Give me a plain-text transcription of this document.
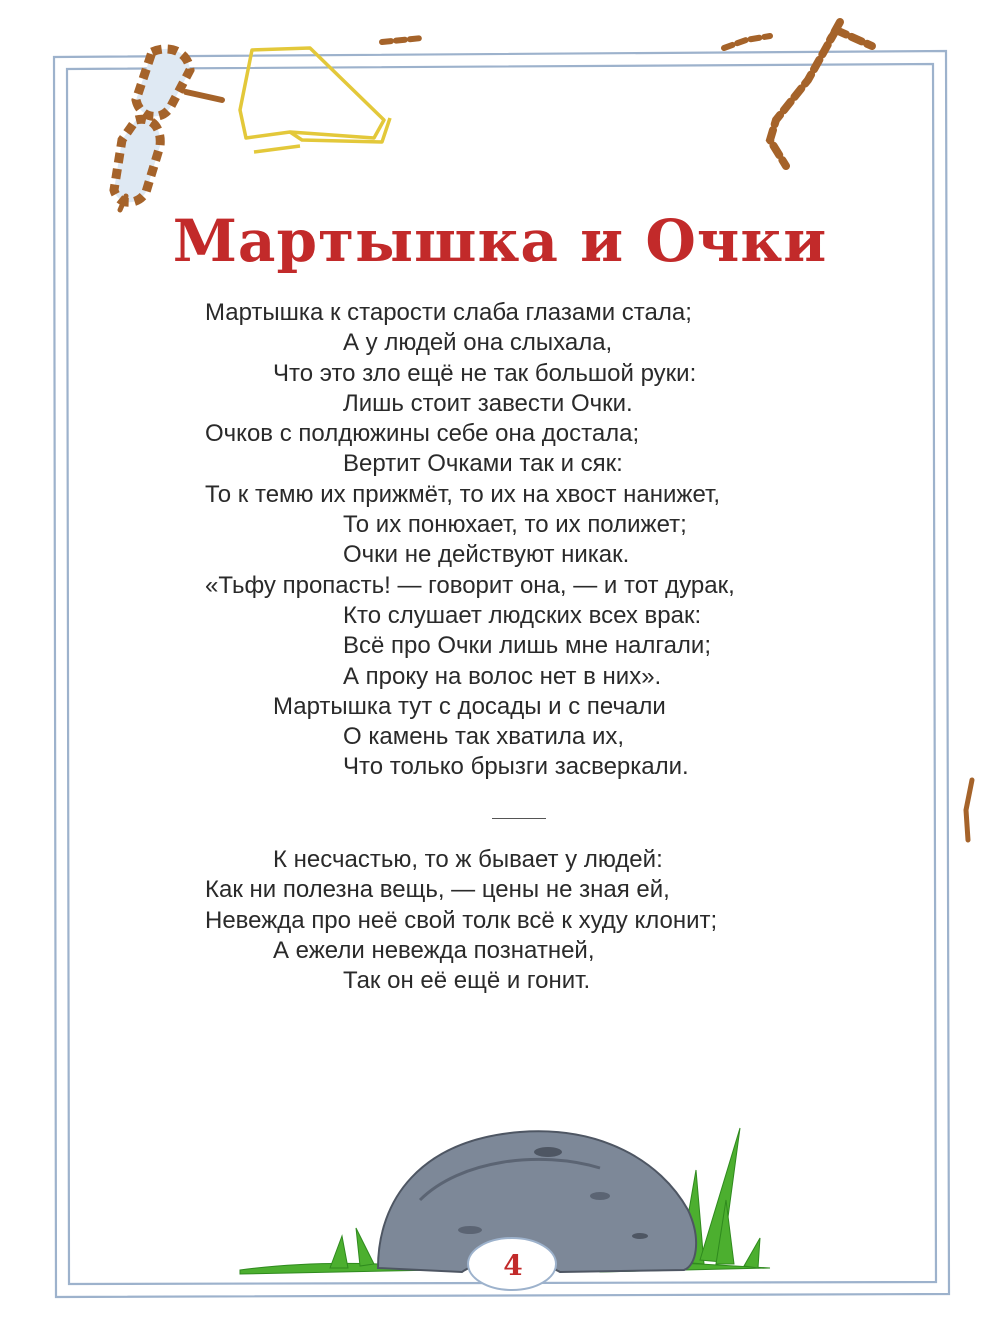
Мартышка и Очки
Мартышка к старости слаба глазами стала;
А у людей она слыхала,
Что это зло ещё не так большой руки:
Лишь стоит завести Очки.
Очков с полдюжины себе она достала;
Вертит Очками так и сяк:
То к темю их прижмёт, то их на хвост нанижет,
То их понюхает, то их полижет;
Очки не действуют никак.
«Тьфу пропасть! — говорит она, — и тот дурак,
Кто слушает людских всех врак:
Всё про Очки лишь мне налгали;
А проку на волос нет в них».
Мартышка тут с досады и с печали
О камень так хватила их,
Что только брызги засверкали.
К несчастью, то ж бывает у людей:
Как ни полезна вещь, — цены не зная ей,
Невежда про неё свой толк всё к худу клонит;
А ежели невежда познатней,
Так он её ещё и гонит.
4
